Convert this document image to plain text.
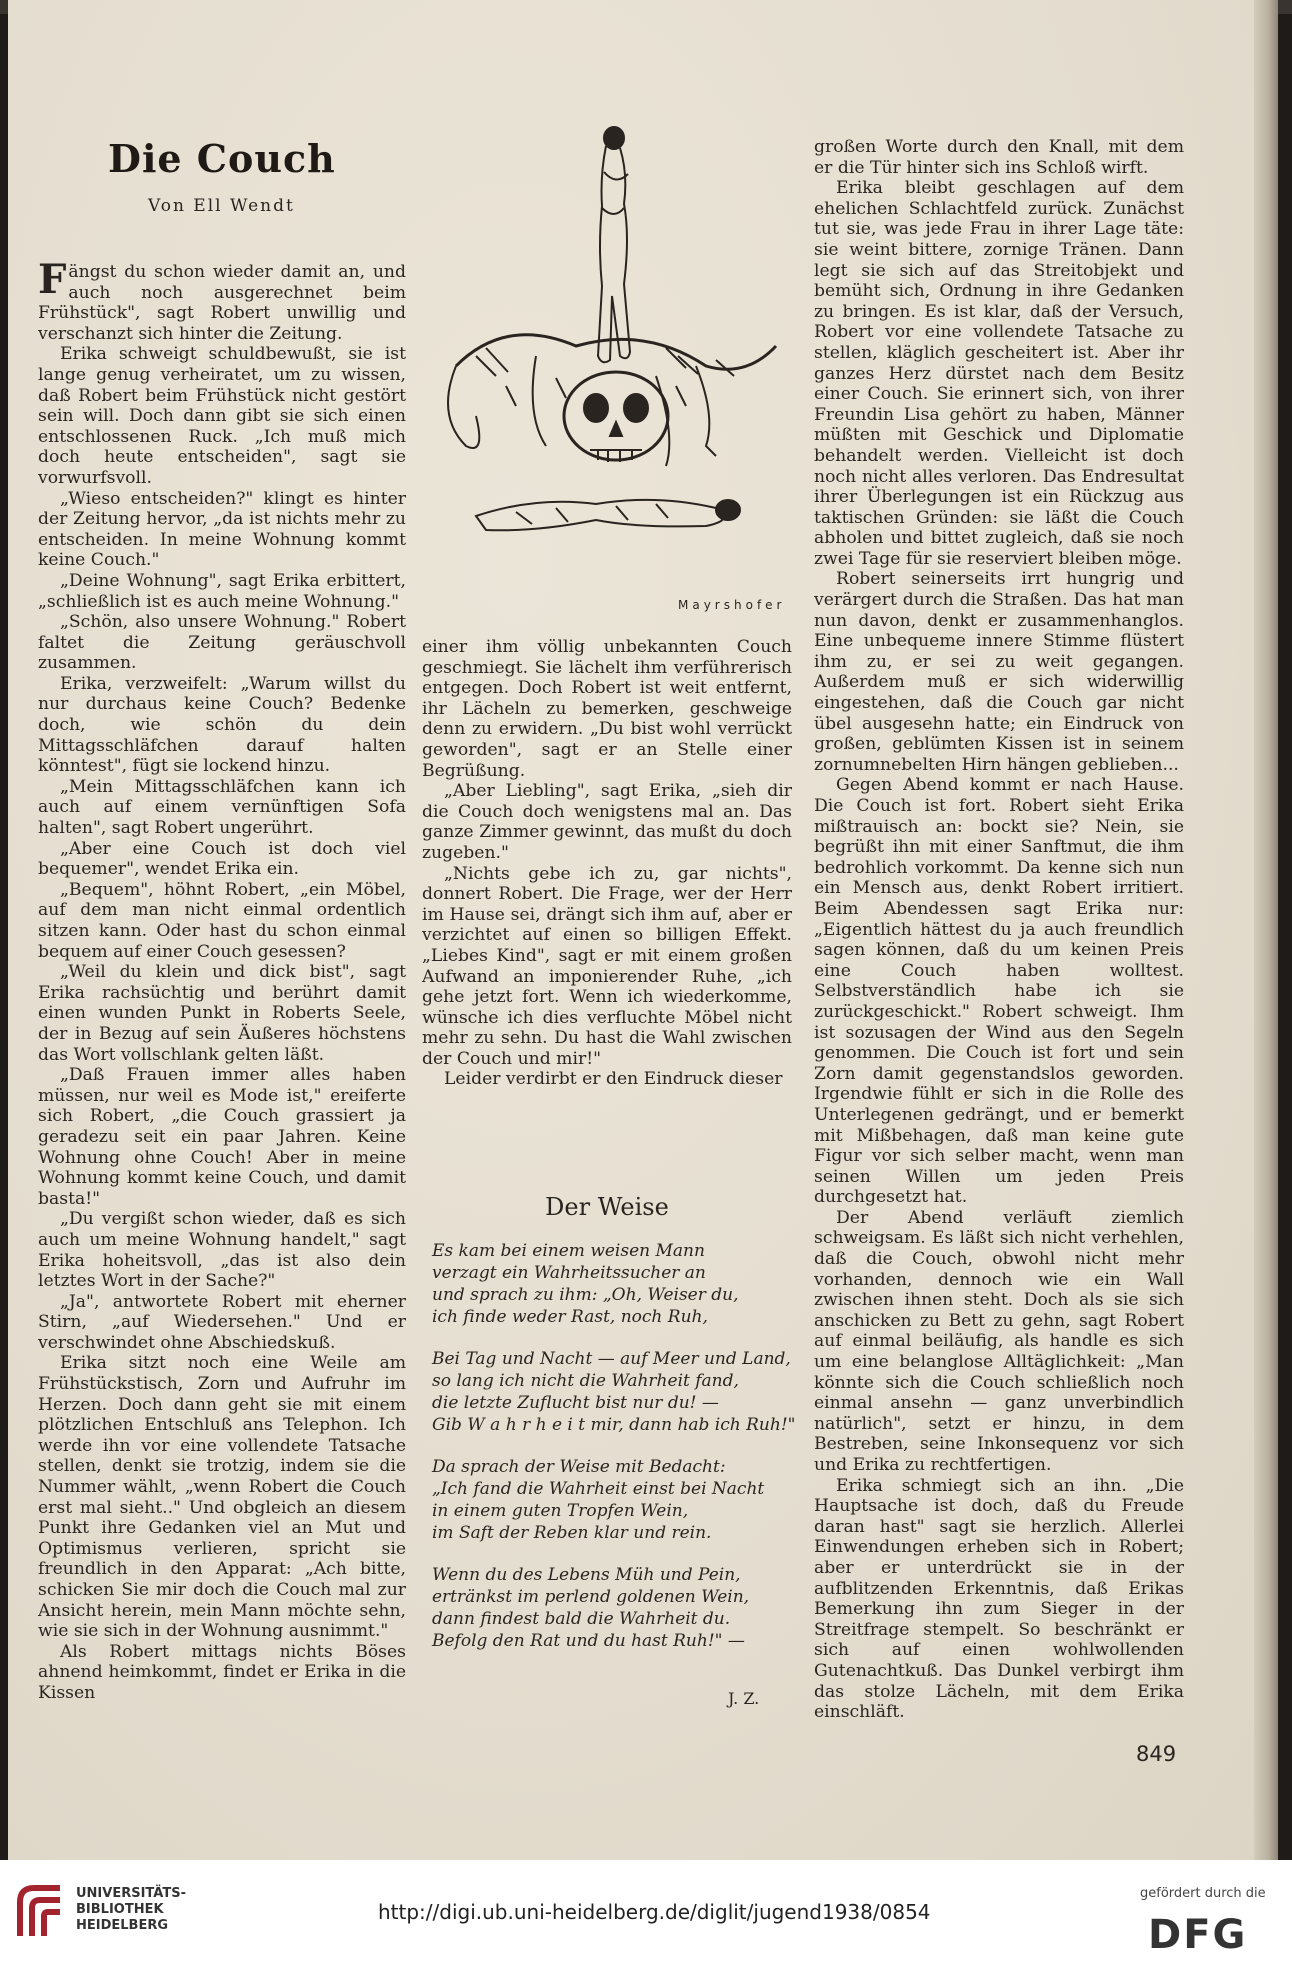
Die Couch
Von Ell Wendt

Fängst du schon wieder damit an, und auch noch ausgerechnet beim Frühstück", sagt Robert unwillig und verschanzt sich hinter die Zeitung.

Erika schweigt schuldbewußt, sie ist lange genug verheiratet, um zu wissen, daß Robert beim Frühstück nicht gestört sein will. Doch dann gibt sie sich einen entschlossenen Ruck. „Ich muß mich doch heute entscheiden", sagt sie vorwurfsvoll.

„Wieso entscheiden?" klingt es hinter der Zeitung hervor, „da ist nichts mehr zu entscheiden. In meine Wohnung kommt keine Couch."

„Deine Wohnung", sagt Erika erbittert, „schließlich ist es auch meine Wohnung."

„Schön, also unsere Wohnung." Robert faltet die Zeitung geräuschvoll zusammen.

Erika, verzweifelt: „Warum willst du nur durchaus keine Couch? Bedenke doch, wie schön du dein Mittagsschläfchen darauf halten könntest", fügt sie lockend hinzu.

„Mein Mittagsschläfchen kann ich auch auf einem vernünftigen Sofa halten", sagt Robert ungerührt.

„Aber eine Couch ist doch viel bequemer", wendet Erika ein.

„Bequem", höhnt Robert, „ein Möbel, auf dem man nicht einmal ordentlich sitzen kann. Oder hast du schon einmal bequem auf einer Couch gesessen?

„Weil du klein und dick bist", sagt Erika rachsüchtig und berührt damit einen wunden Punkt in Roberts Seele, der in Bezug auf sein Äußeres höchstens das Wort vollschlank gelten läßt.

„Daß Frauen immer alles haben müssen, nur weil es Mode ist," ereiferte sich Robert, „die Couch grassiert ja geradezu seit ein paar Jahren. Keine Wohnung ohne Couch! Aber in meine Wohnung kommt keine Couch, und damit basta!"

„Du vergißt schon wieder, daß es sich auch um meine Wohnung handelt," sagt Erika hoheitsvoll, „das ist also dein letztes Wort in der Sache?"

„Ja", antwortete Robert mit eherner Stirn, „auf Wiedersehen." Und er verschwindet ohne Abschiedskuß.

Erika sitzt noch eine Weile am Frühstückstisch, Zorn und Aufruhr im Herzen. Doch dann geht sie mit einem plötzlichen Entschluß ans Telephon. Ich werde ihn vor eine vollendete Tatsache stellen, denkt sie trotzig, indem sie die Nummer wählt, „wenn Robert die Couch erst mal sieht.." Und obgleich an diesem Punkt ihre Gedanken viel an Mut und Optimismus verlieren, spricht sie freundlich in den Apparat: „Ach bitte, schicken Sie mir doch die Couch mal zur Ansicht herein, mein Mann möchte sehn, wie sie sich in der Wohnung ausnimmt."

Als Robert mittags nichts Böses ahnend heimkommt, findet er Erika in die Kissen

Mayrshofer

einer ihm völlig unbekannten Couch geschmiegt. Sie lächelt ihm verführerisch entgegen. Doch Robert ist weit entfernt, ihr Lächeln zu bemerken, geschweige denn zu erwidern. „Du bist wohl verrückt geworden", sagt er an Stelle einer Begrüßung.

„Aber Liebling", sagt Erika, „sieh dir die Couch doch wenigstens mal an. Das ganze Zimmer gewinnt, das mußt du doch zugeben."

„Nichts gebe ich zu, gar nichts", donnert Robert. Die Frage, wer der Herr im Hause sei, drängt sich ihm auf, aber er verzichtet auf einen so billigen Effekt. „Liebes Kind", sagt er mit einem großen Aufwand an imponierender Ruhe, „ich gehe jetzt fort. Wenn ich wiederkomme, wünsche ich dies verfluchte Möbel nicht mehr zu sehn. Du hast die Wahl zwischen der Couch und mir!"

Leider verdirbt er den Eindruck dieser

Der Weise
Es kam bei einem weisen Mann
verzagt ein Wahrheitssucher an
und sprach zu ihm: „Oh, Weiser du,
ich finde weder Rast, noch Ruh,
Bei Tag und Nacht — auf Meer und Land,
so lang ich nicht die Wahrheit fand,
die letzte Zuflucht bist nur du! —
Gib W a h r h e i t mir, dann hab ich Ruh!"
Da sprach der Weise mit Bedacht:
„Ich fand die Wahrheit einst bei Nacht
in einem guten Tropfen Wein,
im Saft der Reben klar und rein.
Wenn du des Lebens Müh und Pein,
ertränkst im perlend goldenen Wein,
dann findest bald die Wahrheit du.
Befolg den Rat und du hast Ruh!" —
J. Z.

großen Worte durch den Knall, mit dem er die Tür hinter sich ins Schloß wirft.

Erika bleibt geschlagen auf dem ehelichen Schlachtfeld zurück. Zunächst tut sie, was jede Frau in ihrer Lage täte: sie weint bittere, zornige Tränen. Dann legt sie sich auf das Streitobjekt und bemüht sich, Ordnung in ihre Gedanken zu bringen. Es ist klar, daß der Versuch, Robert vor eine vollendete Tatsache zu stellen, kläglich gescheitert ist. Aber ihr ganzes Herz dürstet nach dem Besitz einer Couch. Sie erinnert sich, von ihrer Freundin Lisa gehört zu haben, Männer müßten mit Geschick und Diplomatie behandelt werden. Vielleicht ist doch noch nicht alles verloren. Das Endresultat ihrer Überlegungen ist ein Rückzug aus taktischen Gründen: sie läßt die Couch abholen und bittet zugleich, daß sie noch zwei Tage für sie reserviert bleiben möge.

Robert seinerseits irrt hungrig und verärgert durch die Straßen. Das hat man nun davon, denkt er zusammenhanglos. Eine unbequeme innere Stimme flüstert ihm zu, er sei zu weit gegangen. Außerdem muß er sich widerwillig eingestehen, daß die Couch gar nicht übel ausgesehn hatte; ein Eindruck von großen, geblümten Kissen ist in seinem zornumnebelten Hirn hängen geblieben...

Gegen Abend kommt er nach Hause. Die Couch ist fort. Robert sieht Erika mißtrauisch an: bockt sie? Nein, sie begrüßt ihn mit einer Sanftmut, die ihm bedrohlich vorkommt. Da kenne sich nun ein Mensch aus, denkt Robert irritiert. Beim Abendessen sagt Erika nur: „Eigentlich hättest du ja auch freundlich sagen können, daß du um keinen Preis eine Couch haben wolltest. Selbstverständlich habe ich sie zurückgeschickt." Robert schweigt. Ihm ist sozusagen der Wind aus den Segeln genommen. Die Couch ist fort und sein Zorn damit gegenstandslos geworden. Irgendwie fühlt er sich in die Rolle des Unterlegenen gedrängt, und er bemerkt mit Mißbehagen, daß man keine gute Figur vor sich selber macht, wenn man seinen Willen um jeden Preis durchgesetzt hat.

Der Abend verläuft ziemlich schweigsam. Es läßt sich nicht verhehlen, daß die Couch, obwohl nicht mehr vorhanden, dennoch wie ein Wall zwischen ihnen steht. Doch als sie sich anschicken zu Bett zu gehn, sagt Robert auf einmal beiläufig, als handle es sich um eine belanglose Alltäglichkeit: „Man könnte sich die Couch schließlich noch einmal ansehn — ganz unverbindlich natürlich", setzt er hinzu, in dem Bestreben, seine Inkonsequenz vor sich und Erika zu rechtfertigen.

Erika schmiegt sich an ihn. „Die Hauptsache ist doch, daß du Freude daran hast" sagt sie herzlich. Allerlei Einwendungen erheben sich in Robert; aber er unterdrückt sie in der aufblitzenden Erkenntnis, daß Erikas Bemerkung ihn zum Sieger in der Streitfrage stempelt. So beschränkt er sich auf einen wohlwollenden Gutenachtkuß. Das Dunkel verbirgt ihm das stolze Lächeln, mit dem Erika einschläft.

849
UNIVERSITÄTS-
BIBLIOTHEK
HEIDELBERG
http://digi.ub.uni-heidelberg.de/diglit/jugend1938/0854
gefördert durch die
DFG
